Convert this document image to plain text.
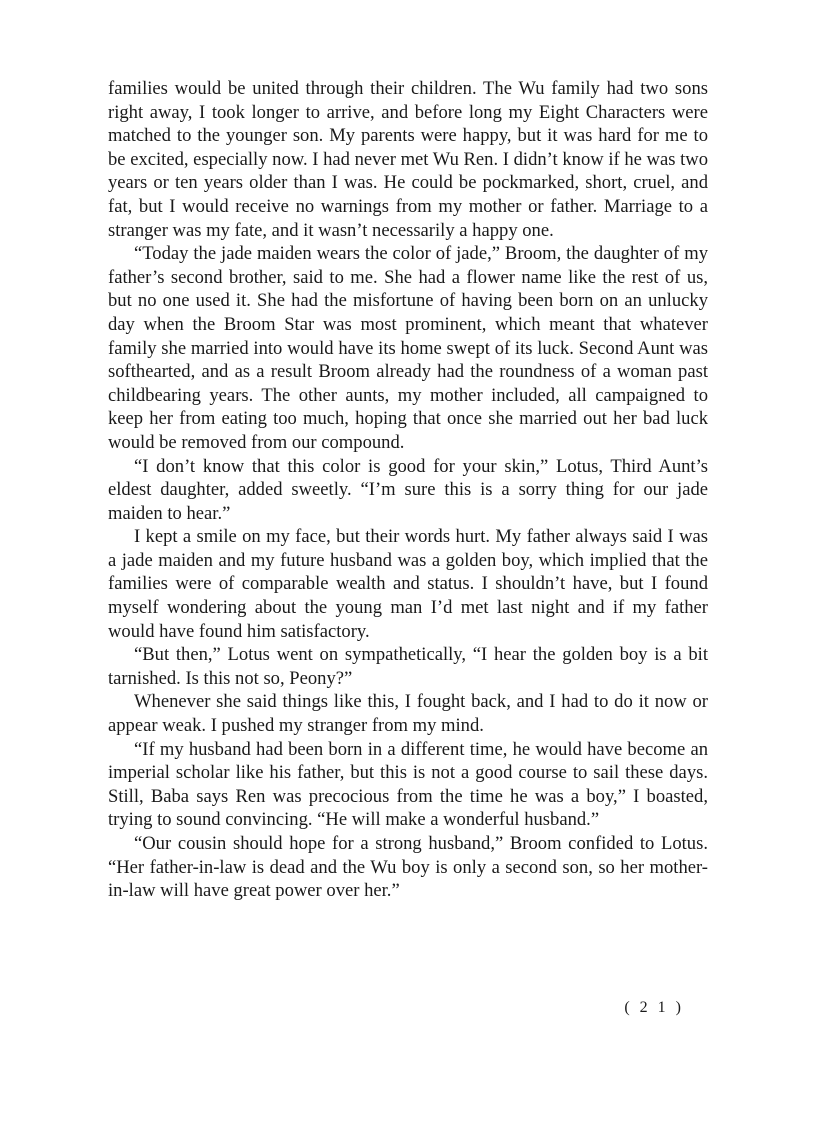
families would be united through their children. The Wu family had two sons right away, I took longer to arrive, and before long my Eight Characters were matched to the younger son. My parents were happy, but it was hard for me to be excited, especially now. I had never met Wu Ren. I didn’t know if he was two years or ten years older than I was. He could be pockmarked, short, cruel, and fat, but I would receive no warnings from my mother or father. Marriage to a stranger was my fate, and it wasn’t necessarily a happy one.

“Today the jade maiden wears the color of jade,” Broom, the daughter of my father’s second brother, said to me. She had a flower name like the rest of us, but no one used it. She had the misfortune of having been born on an unlucky day when the Broom Star was most prominent, which meant that whatever family she married into would have its home swept of its luck. Second Aunt was softhearted, and as a result Broom already had the roundness of a woman past childbearing years. The other aunts, my mother included, all campaigned to keep her from eating too much, hoping that once she married out her bad luck would be removed from our compound.

“I don’t know that this color is good for your skin,” Lotus, Third Aunt’s eldest daughter, added sweetly. “I’m sure this is a sorry thing for our jade maiden to hear.”

I kept a smile on my face, but their words hurt. My father always said I was a jade maiden and my future husband was a golden boy, which implied that the families were of comparable wealth and status. I shouldn’t have, but I found myself wondering about the young man I’d met last night and if my father would have found him satisfactory.

“But then,” Lotus went on sympathetically, “I hear the golden boy is a bit tarnished. Is this not so, Peony?”

Whenever she said things like this, I fought back, and I had to do it now or appear weak. I pushed my stranger from my mind.

“If my husband had been born in a different time, he would have become an imperial scholar like his father, but this is not a good course to sail these days. Still, Baba says Ren was precocious from the time he was a boy,” I boasted, trying to sound convincing. “He will make a wonderful husband.”

“Our cousin should hope for a strong husband,” Broom confided to Lotus. “Her father-in-law is dead and the Wu boy is only a second son, so her mother-in-law will have great power over her.”

( 2 1 )
